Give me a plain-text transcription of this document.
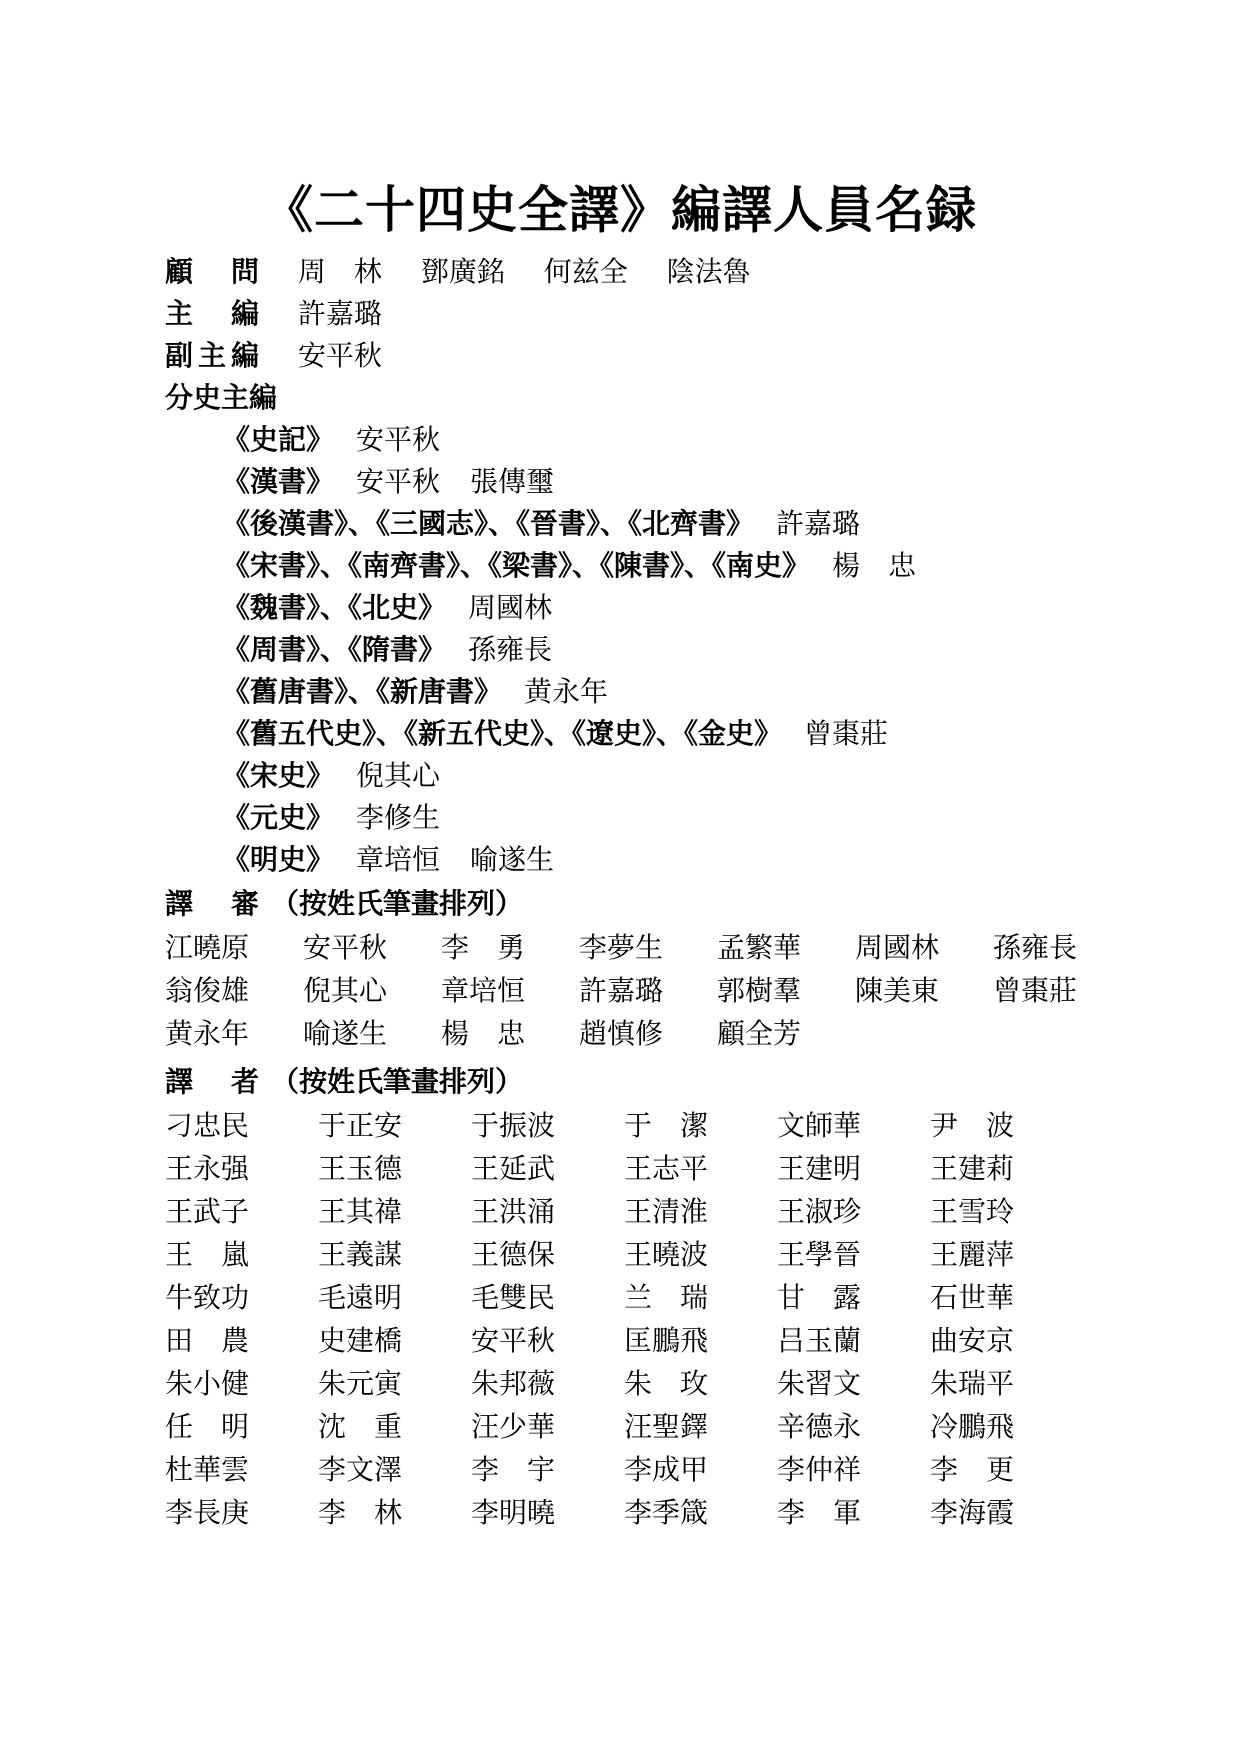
《二十四史全譯》編譯人員名録
顧　問 周　林 鄧廣銘 何兹全 陰法魯
主　編 許嘉璐
副主編 安平秋
分史主編
《史記》 安平秋
《漢書》 安平秋 張傳璽
《後漢書》、《三國志》、《晉書》、《北齊書》 許嘉璐
《宋書》、《南齊書》、《梁書》、《陳書》、《南史》 楊　忠
《魏書》、《北史》 周國林
《周書》、《隋書》 孫雍長
《舊唐書》、《新唐書》 黄永年
《舊五代史》、《新五代史》、《遼史》、《金史》 曾棗莊
《宋史》 倪其心
《元史》 李修生
《明史》 章培恒 喻遂生
譯　審 （按姓氏筆畫排列）
江曉原	安平秋	李　勇	李夢生	孟繁華	周國林	孫雍長
翁俊雄	倪其心	章培恒	許嘉璐	郭樹羣	陳美東	曾棗莊
黄永年	喻遂生	楊　忠	趙慎修	顧全芳
譯　者 （按姓氏筆畫排列）
刁忠民	于正安	于振波	于　潔	文師華	尹　波
王永强	王玉德	王延武	王志平	王建明	王建莉
王武子	王其禕	王洪涌	王清淮	王淑珍	王雪玲
王　嵐	王義謀	王德保	王曉波	王學晉	王麗萍
牛致功	毛遠明	毛雙民	兰　瑞	甘　露	石世華
田　農	史建橋	安平秋	匡鵬飛	吕玉蘭	曲安京
朱小健	朱元寅	朱邦薇	朱　玫	朱習文	朱瑞平
任　明	沈　重	汪少華	汪聖鐸	辛德永	冷鵬飛
杜華雲	李文澤	李　宇	李成甲	李仲祥	李　更
李長庚	李　林	李明曉	李季箴	李　軍	李海霞
